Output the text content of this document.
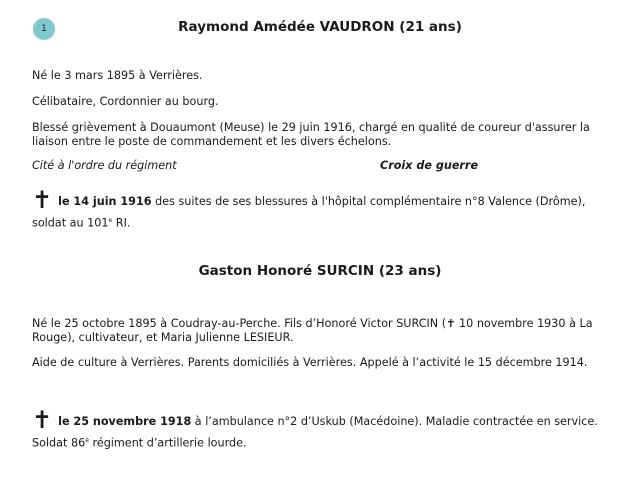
1	Raymond Amédée VAUDRON (21 ans)

Né le 3 mars 1895 à Verrières.

Célibataire, Cordonnier au bourg.

Blessé grièvement à Douaumont (Meuse) le 29 juin 1916, chargé en qualité de coureur d'assurer la liaison entre le poste de commandement et les divers échelons.

Cité à l'ordre du régiment	Croix de guerre

✝ le 14 juin 1916 des suites de ses blessures à l'hôpital complémentaire n°8 Valence (Drôme),
soldat au 101e RI.

Gaston Honoré SURCIN (23 ans)

Né le 25 octobre 1895 à Coudray-au-Perche. Fils d’Honoré Victor SURCIN (✝ 10 novembre 1930 à La
Rouge), cultivateur, et Maria Julienne LESIEUR.

Aide de culture à Verrières. Parents domiciliés à Verrières. Appelé à l’activité le 15 décembre 1914.

✝ le 25 novembre 1918 à l’ambulance n°2 d’Uskub (Macédoine). Maladie contractée en service.
Soldat $86^è$ régiment d’artillerie lourde.
